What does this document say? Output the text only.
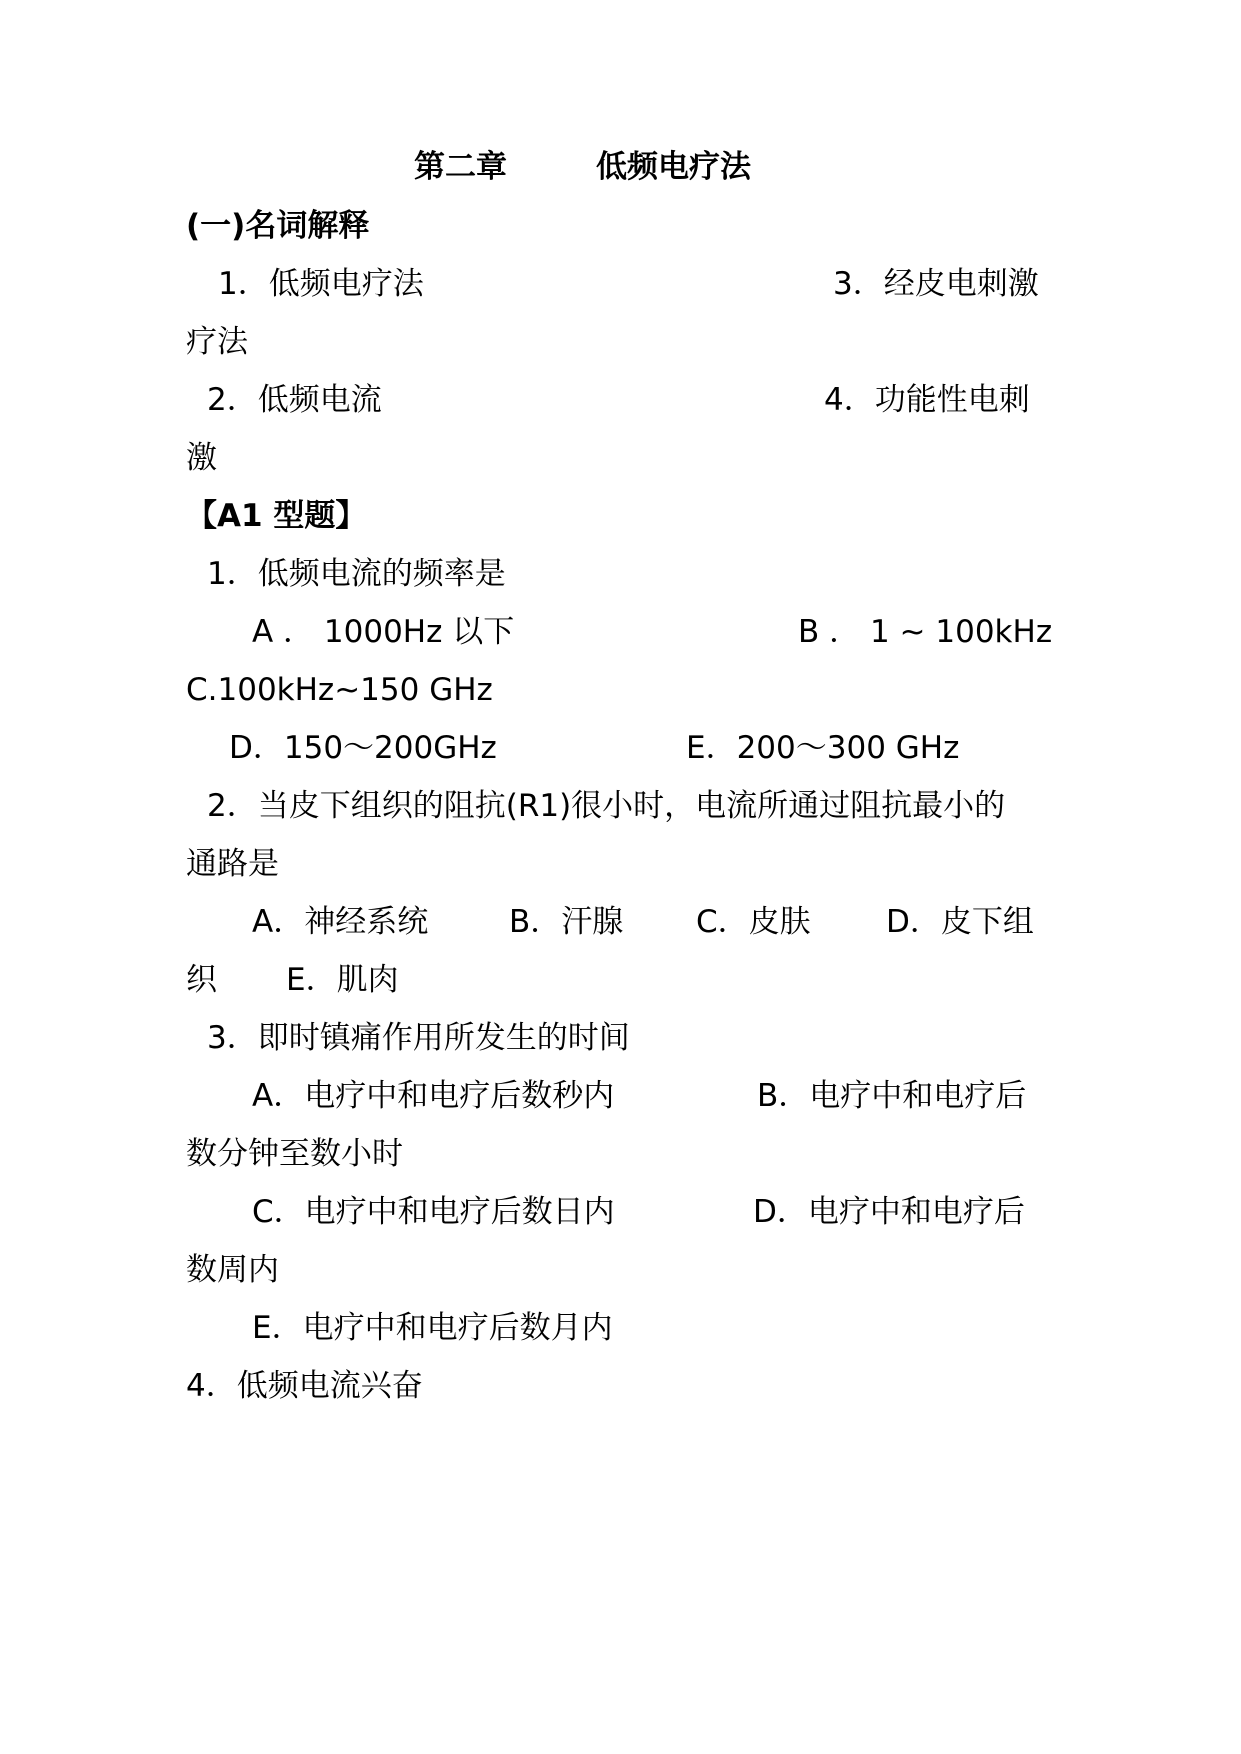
第二章	低频电疗法
(一)名词解释
1．低频电疗法	3．经皮电刺激
疗法
2．低频电流	4．功能性电刺
激
【A1 型题】
1．低频电流的频率是
A ． 1000Hz 以下	B ． 1 ~ 100kHz
C.100kHz~150 GHz
D．150～200GHz	E．200～300 GHz
2．当皮下组织的阻抗(R1)很小时，电流所通过阻抗最小的
通路是
A．神经系统	B．汗腺 C．皮肤 D．皮下组
织 E．肌肉
3．即时镇痛作用所发生的时间
A．电疗中和电疗后数秒内	B．电疗中和电疗后
数分钟至数小时
C．电疗中和电疗后数日内	D．电疗中和电疗后
数周内
E．电疗中和电疗后数月内
4．低频电流兴奋
